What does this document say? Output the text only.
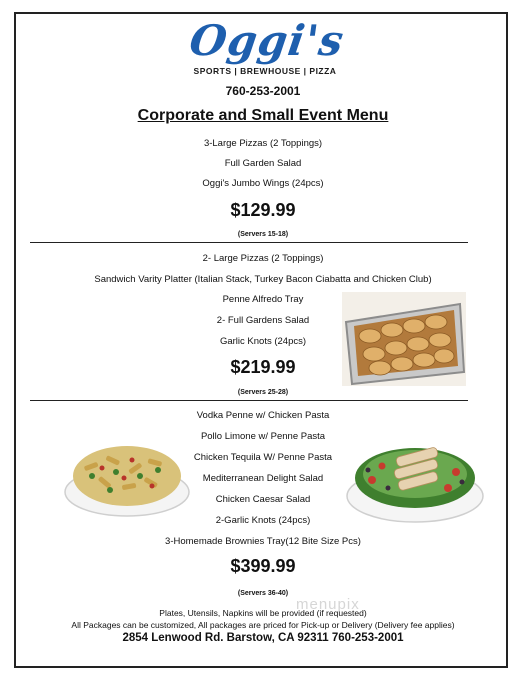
Oggi's
SPORTS | BREWHOUSE | PIZZA
760-253-2001
Corporate and Small Event Menu
3-Large Pizzas (2 Toppings)
Full Garden Salad
Oggi's Jumbo Wings (24pcs)
$129.99
(Servers 15-18)
2- Large Pizzas (2 Toppings)
Sandwich Varity Platter (Italian Stack, Turkey Bacon Ciabatta and Chicken Club)
Penne Alfredo Tray
2- Full Gardens Salad
Garlic Knots (24pcs)
$219.99
(Servers 25-28)
Vodka Penne w/ Chicken Pasta
Pollo Limone w/ Penne Pasta
Chicken Tequila W/ Penne Pasta
Mediterranean Delight Salad
Chicken Caesar Salad
2-Garlic Knots (24pcs)
3-Homemade Brownies Tray(12 Bite Size Pcs)
$399.99
(Servers 36-40)
menupix
Plates, Utensils, Napkins will be provided (if requested)
All Packages can be customized, All packages are priced for Pick-up or Delivery (Delivery fee applies)
2854 Lenwood Rd. Barstow, CA 92311 760-253-2001
